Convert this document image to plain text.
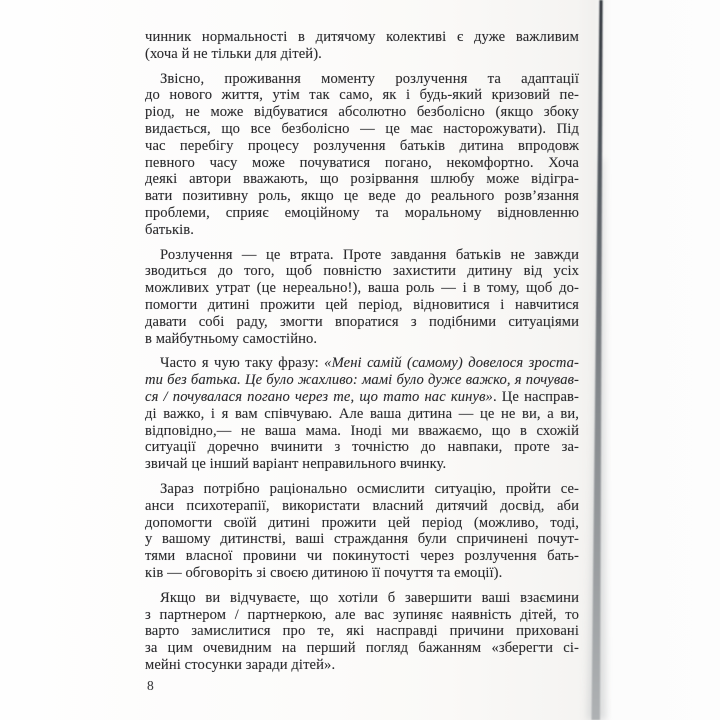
чинник нормальності в дитячому колективі є дуже важливим
(хоча й не тільки для дітей).

Звісно, проживання моменту розлучення та адаптації
до нового життя, утім так само, як і будь-який кризовий пе-
ріод, не може відбуватися абсолютно безболісно (якщо збоку
видається, що все безболісно — це має насторожувати). Під
час перебігу процесу розлучення батьків дитина впродовж
певного часу може почуватися погано, некомфортно. Хоча
деякі автори вважають, що розірвання шлюбу може відігра-
вати позитивну роль, якщо це веде до реального розв’язання
проблеми, сприяє емоційному та моральному відновленню
батьків.

Розлучення — це втрата. Проте завдання батьків не завжди
зводиться до того, щоб повністю захистити дитину від усіх
можливих утрат (це нереально!), ваша роль — і в тому, щоб до-
помогти дитині прожити цей період, відновитися і навчитися
давати собі раду, змогти впоратися з подібними ситуаціями
в майбутньому самостійно.

Часто я чую таку фразу: «Мені самій (самому) довелося зроста-
ти без батька. Це було жахливо: мамі було дуже важко, я почував-
ся / почувалася погано через те, що тато нас кинув». Це насправ-
ді важко, і я вам співчуваю. Але ваша дитина — це не ви, а ви,
відповідно,— не ваша мама. Іноді ми вважаємо, що в схожій
ситуації доречно вчинити з точністю до навпаки, проте за-
звичай це інший варіант неправильного вчинку.

Зараз потрібно раціонально осмислити ситуацію, пройти се-
анси психотерапії, використати власний дитячий досвід, аби
допомогти своїй дитині прожити цей період (можливо, тоді,
у вашому дитинстві, ваші страждання були спричинені почут-
тями власної провини чи покинутості через розлучення бать-
ків — обговоріть зі своєю дитиною її почуття та емоції).

Якщо ви відчуваєте, що хотіли б завершити ваші взаємини
з партнером / партнеркою, але вас зупиняє наявність дітей, то
варто замислитися про те, які насправді причини приховані
за цим очевидним на перший погляд бажанням «зберегти сі-
мейні стосунки заради дітей».

8
